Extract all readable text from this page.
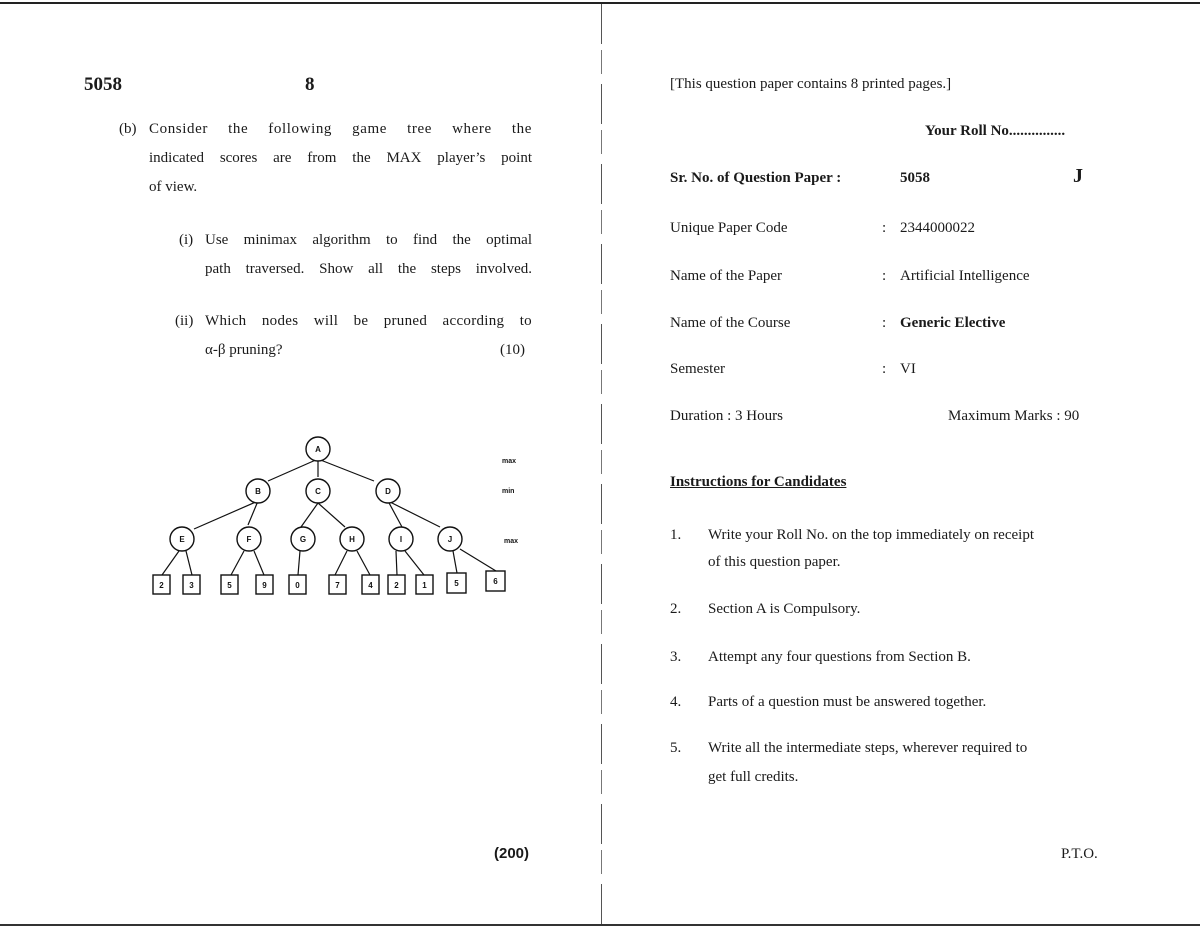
5058	8
(b) Consider the following game tree where the
indicated scores are from the MAX player’s point
of view.
(i) Use minimax algorithm to find the optimal
path traversed. Show all the steps involved.
(ii) Which nodes will be pruned according to
α-β pruning?	(10)
A
B	C	D
E	F	G	H	I	J
2	3	5	9	0	7	4	2	1	5	6
max
min
max
(200)
[This question paper contains 8 printed pages.]
Your Roll No...............
Sr. No. of Question Paper :	5058	J
Unique Paper Code	: 2344000022
Name of the Paper	: Artificial Intelligence
Name of the Course	: Generic Elective
Semester	: VI
Duration : 3 Hours	Maximum Marks : 90
Instructions for Candidates
1. Write your Roll No. on the top immediately on receipt
of this question paper.
2. Section A is Compulsory.
3. Attempt any four questions from Section B.
4. Parts of a question must be answered together.
5. Write all the intermediate steps, wherever required to
get full credits.
P.T.O.
